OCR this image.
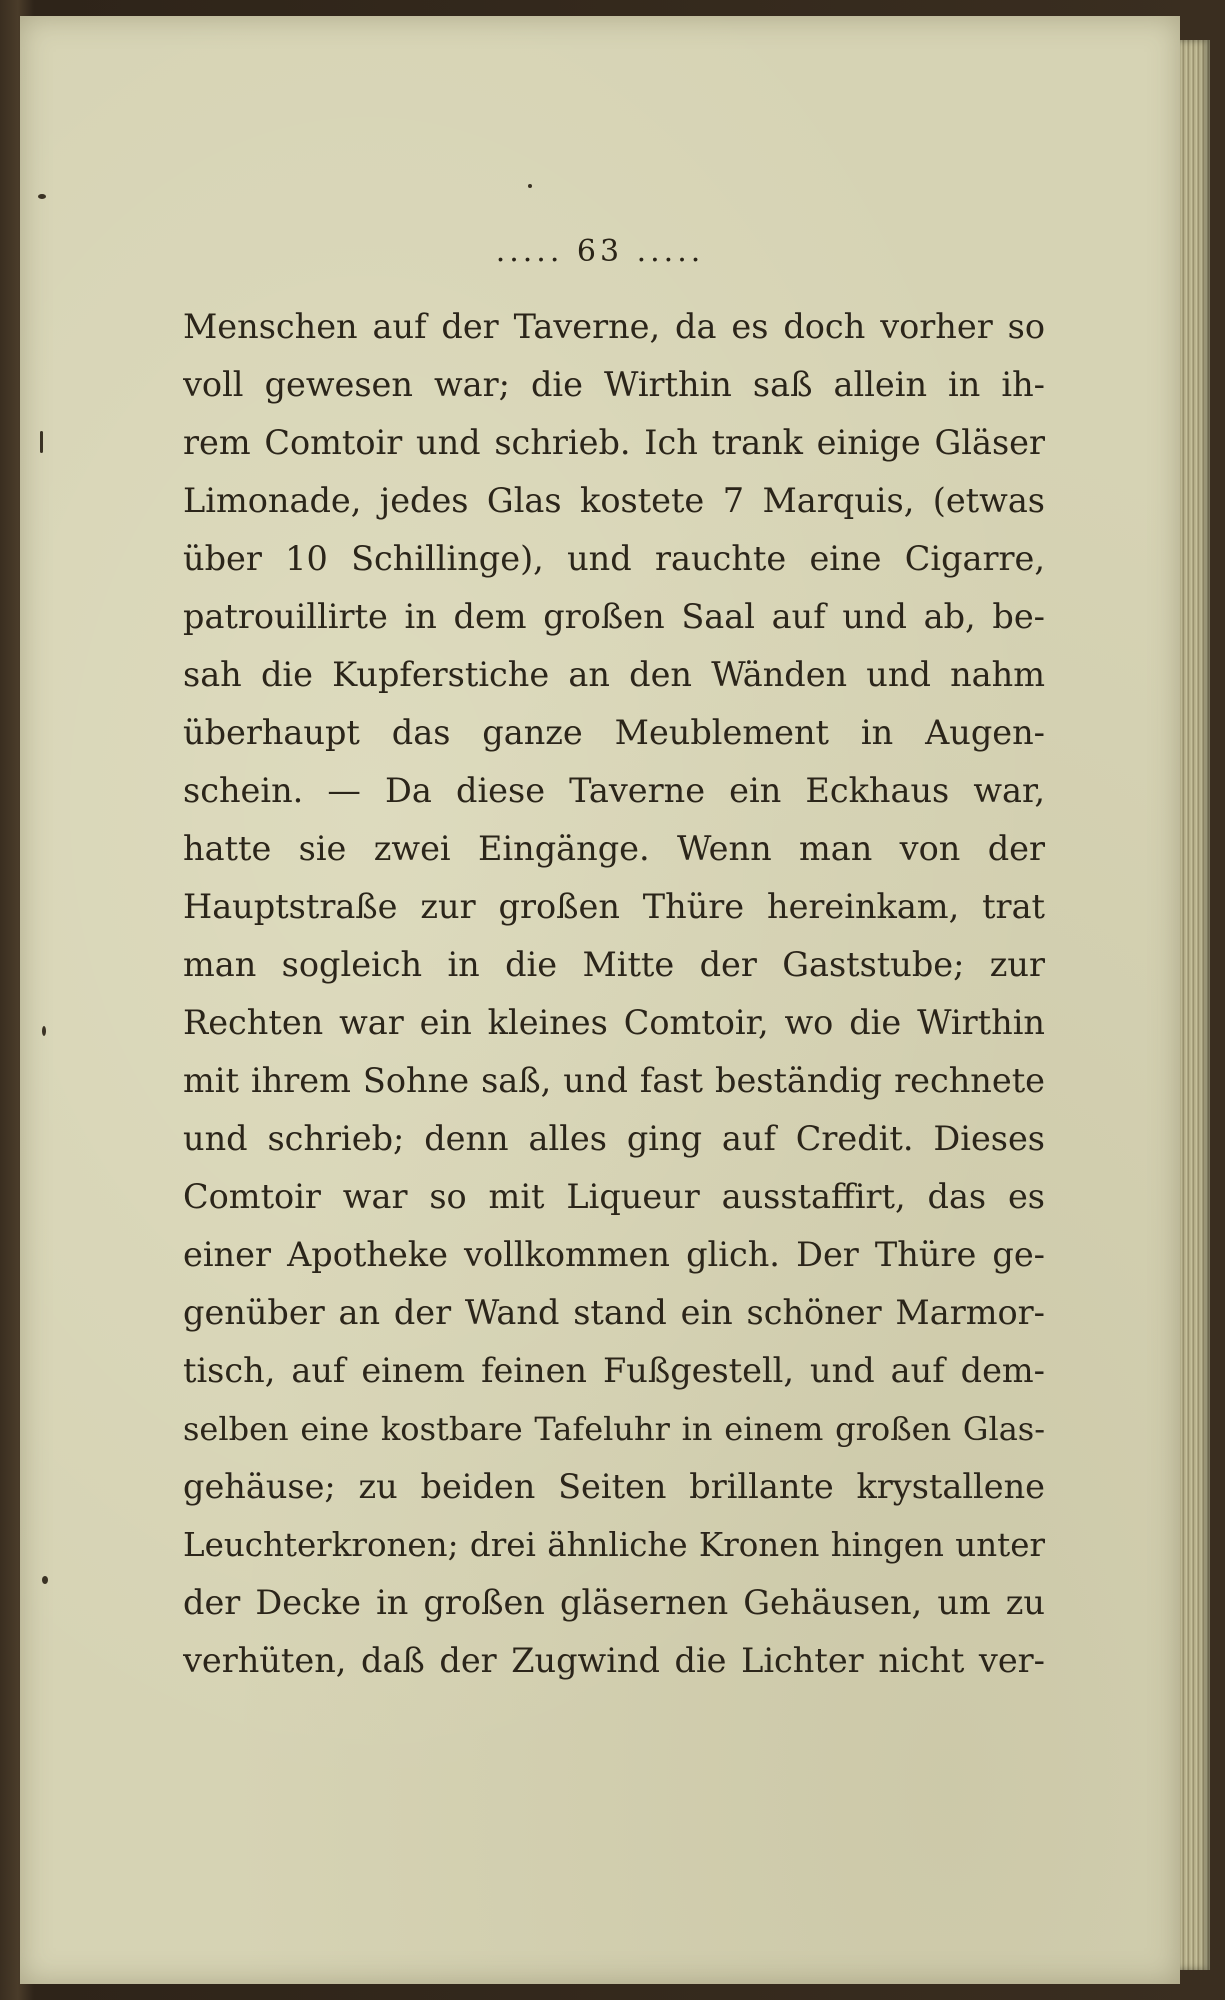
..... 63 .....
Menschen auf der Taverne, da es doch vorher so
voll gewesen war; die Wirthin saß allein in ih-
rem Comtoir und schrieb. Ich trank einige Gläser
Limonade, jedes Glas kostete 7 Marquis, (etwas
über 10 Schillinge), und rauchte eine Cigarre,
patrouillirte in dem großen Saal auf und ab, be-
sah die Kupferstiche an den Wänden und nahm
überhaupt das ganze Meublement in Augen-
schein. — Da diese Taverne ein Eckhaus war,
hatte sie zwei Eingänge. Wenn man von der
Hauptstraße zur großen Thüre hereinkam, trat
man sogleich in die Mitte der Gaststube; zur
Rechten war ein kleines Comtoir, wo die Wirthin
mit ihrem Sohne saß, und fast beständig rechnete
und schrieb; denn alles ging auf Credit. Dieses
Comtoir war so mit Liqueur ausstaffirt, das es
einer Apotheke vollkommen glich. Der Thüre ge-
genüber an der Wand stand ein schöner Marmor-
tisch, auf einem feinen Fußgestell, und auf dem-
selben eine kostbare Tafeluhr in einem großen Glas-
gehäuse; zu beiden Seiten brillante krystallene
Leuchterkronen; drei ähnliche Kronen hingen unter
der Decke in großen gläsernen Gehäusen, um zu
verhüten, daß der Zugwind die Lichter nicht ver-
